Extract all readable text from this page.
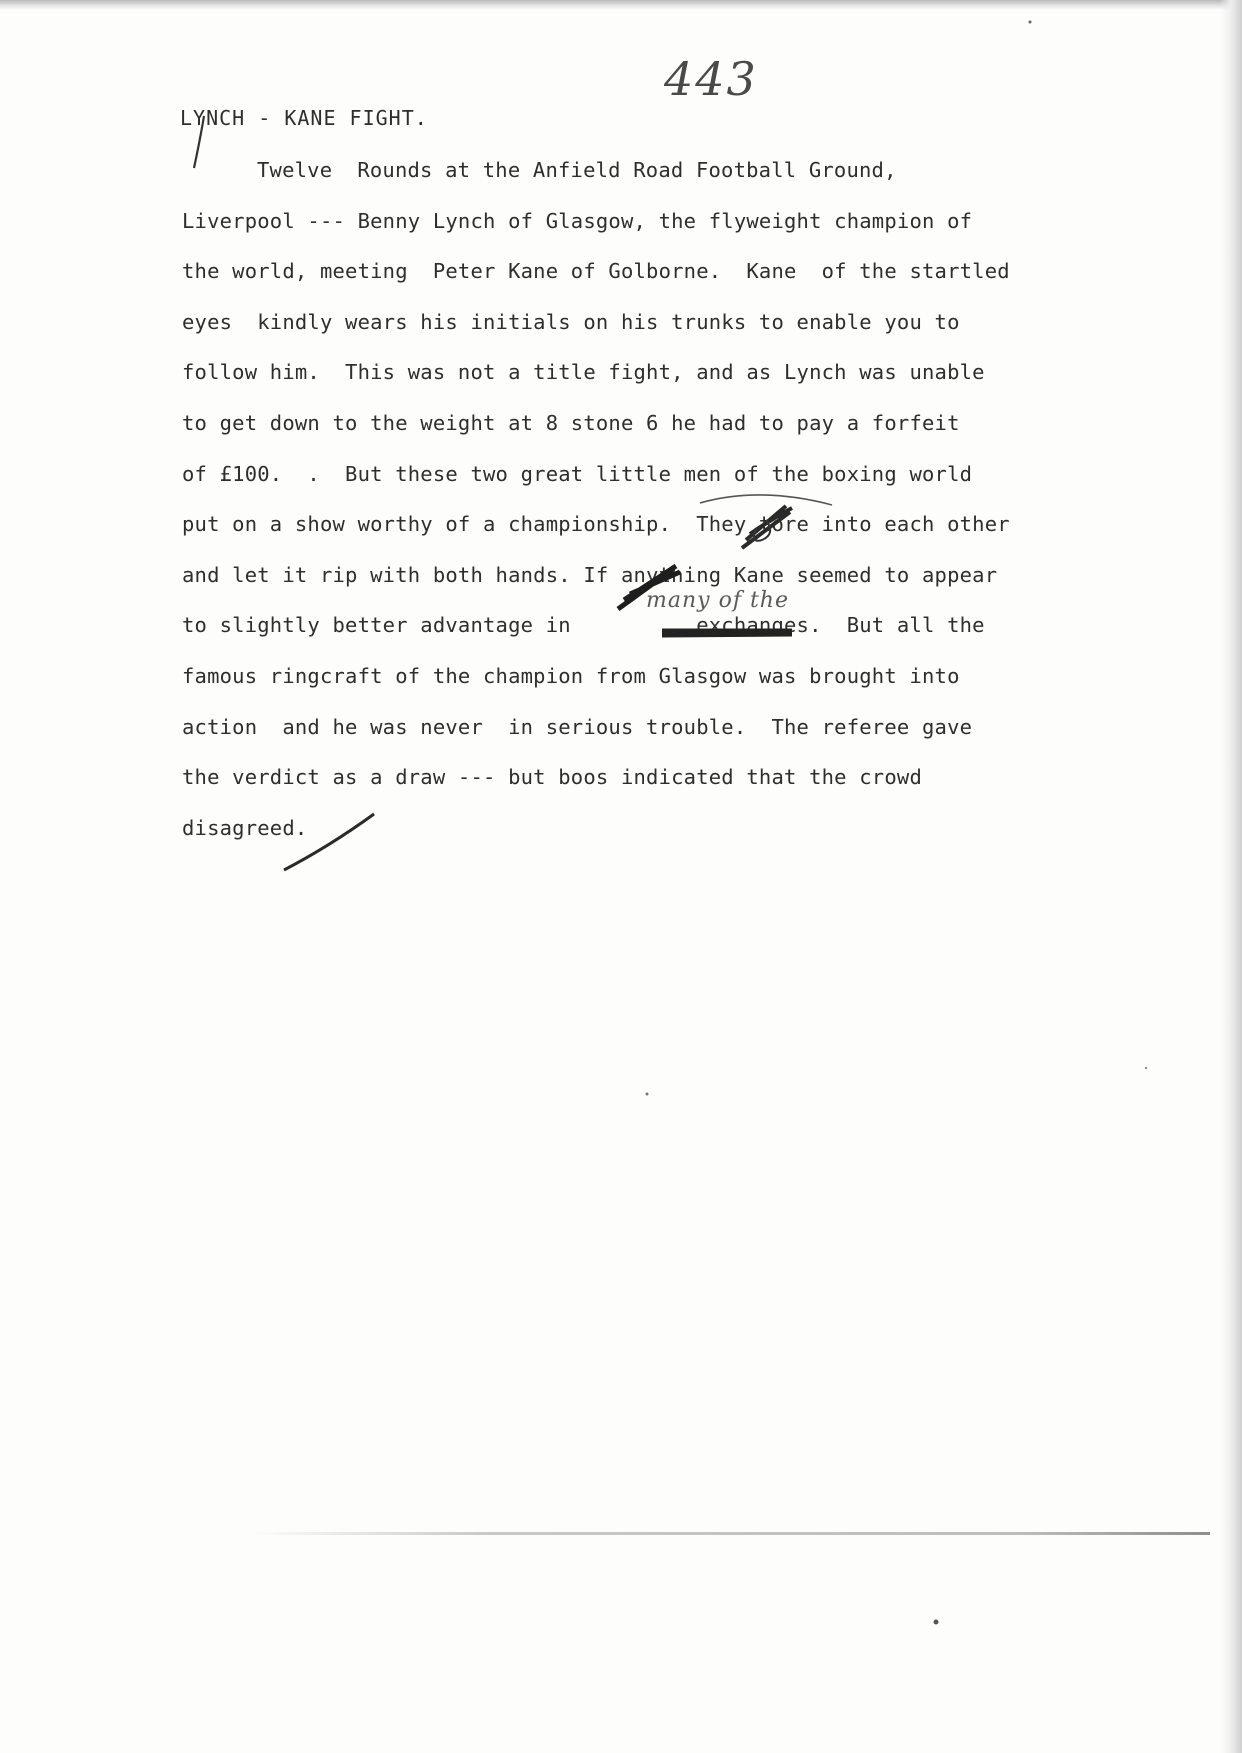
443
LYNCH - KANE FIGHT.
Twelve  Rounds at the Anfield Road Football Ground,
Liverpool --- Benny Lynch of Glasgow, the flyweight champion of
the world, meeting  Peter Kane of Golborne.  Kane  of the startled
eyes  kindly wears his initials on his trunks to enable you to
follow him.  This was not a title fight, and as Lynch was unable
to get down to the weight at 8 stone 6 he had to pay a forfeit
of £100.  .  But these two great little men of the boxing world
put on a show worthy of a championship.  They tore into each other
and let it rip with both hands. If anything Kane seemed to appear
to slightly better advantage in          exchanges.  But all the
famous ringcraft of the champion from Glasgow was brought into
action  and he was never  in serious trouble.  The referee gave
the verdict as a draw --- but boos indicated that the crowd
disagreed.
many of the
